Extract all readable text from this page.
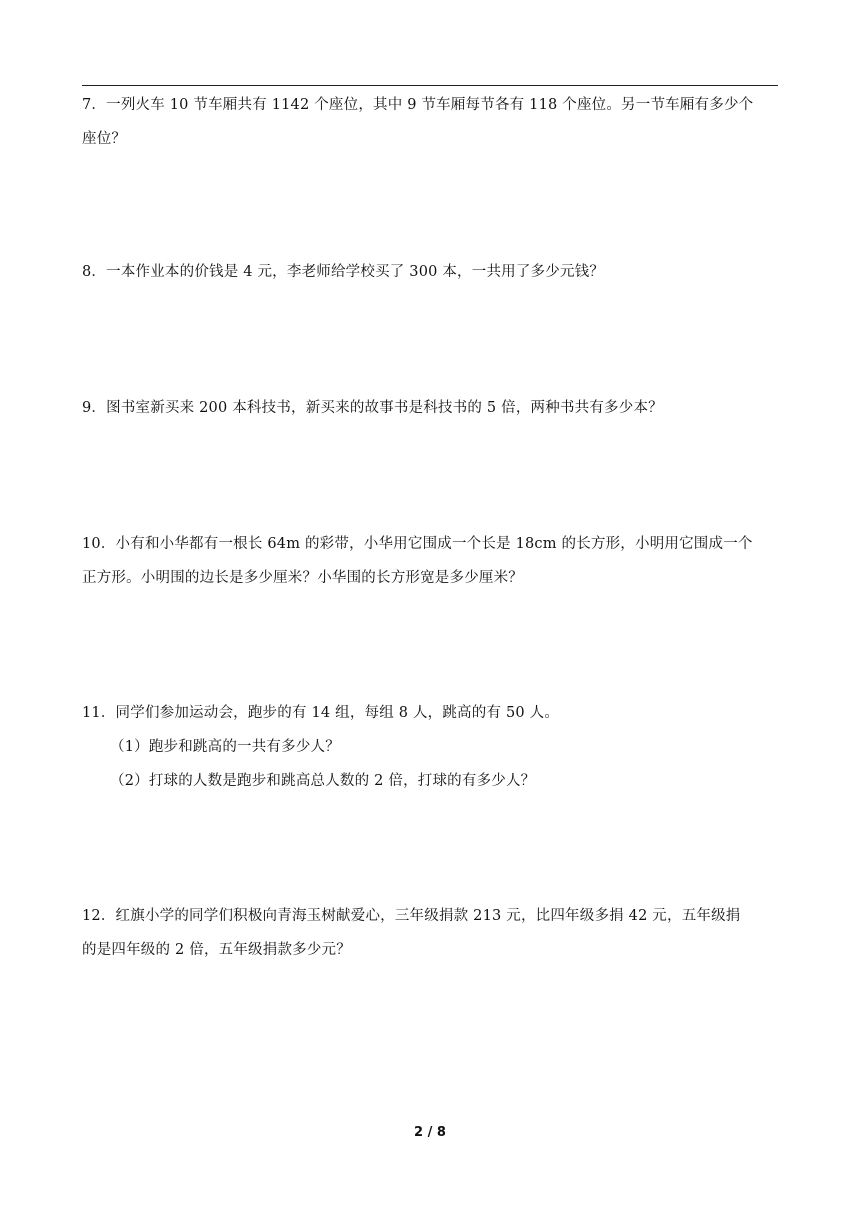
7．一列火车 10 节车厢共有 1142 个座位，其中 9 节车厢每节各有 118 个座位。另一节车厢有多少个
座位？
8．一本作业本的价钱是 4 元，李老师给学校买了 300 本，一共用了多少元钱？
9．图书室新买来 200 本科技书，新买来的故事书是科技书的 5 倍，两种书共有多少本？
10．小有和小华都有一根长 64m 的彩带，小华用它围成一个长是 18cm 的长方形，小明用它围成一个
正方形。小明围的边长是多少厘米？小华围的长方形宽是多少厘米？
11．同学们参加运动会，跑步的有 14 组，每组 8 人，跳高的有 50 人。
（1）跑步和跳高的一共有多少人？
（2）打球的人数是跑步和跳高总人数的 2 倍，打球的有多少人？
12．红旗小学的同学们积极向青海玉树献爱心，三年级捐款 213 元，比四年级多捐 42 元，五年级捐
的是四年级的 2 倍，五年级捐款多少元？
2 / 8
